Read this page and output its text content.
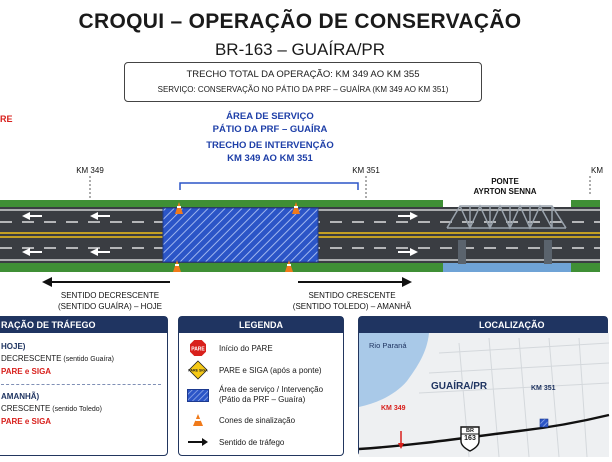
CROQUI – OPERAÇÃO DE CONSERVAÇÃO
BR-163 – GUAÍRA/PR
TRECHO TOTAL DA OPERAÇÃO: KM 349 AO KM 355
SERVIÇO: CONSERVAÇÃO NO PÁTIO DA PRF – GUAÍRA (KM 349 AO KM 351)
RE	ÁREA DE SERVIÇO
PÁTIO DA PRF – GUAÍRA
TRECHO DE INTERVENÇÃO
KM 349 AO KM 351
KM 349	KM 351	KM
PONTE
AYRTON SENNA
SENTIDO DECRESCENTE
(SENTIDO GUAÍRA) – HOJE
SENTIDO CRESCENTE
(SENTIDO TOLEDO) – AMANHÃ
RAÇÃO DE TRÁFEGO
HOJE)
DECRESCENTE (sentido Guaíra)
PARE e SIGA
AMANHÃ)
CRESCENTE (sentido Toledo)
PARE e SIGA
LEGENDA
PARE Início do PARE
PARE SIGA PARE e SIGA (após a ponte)
Área de serviço / Intervenção
(Pátio da PRF – Guaíra)
Cones de sinalização
Sentido de tráfego
LOCALIZAÇÃO
Rio Paraná
GUAÍRA/PR
KM 349
KM 351
BR
163
